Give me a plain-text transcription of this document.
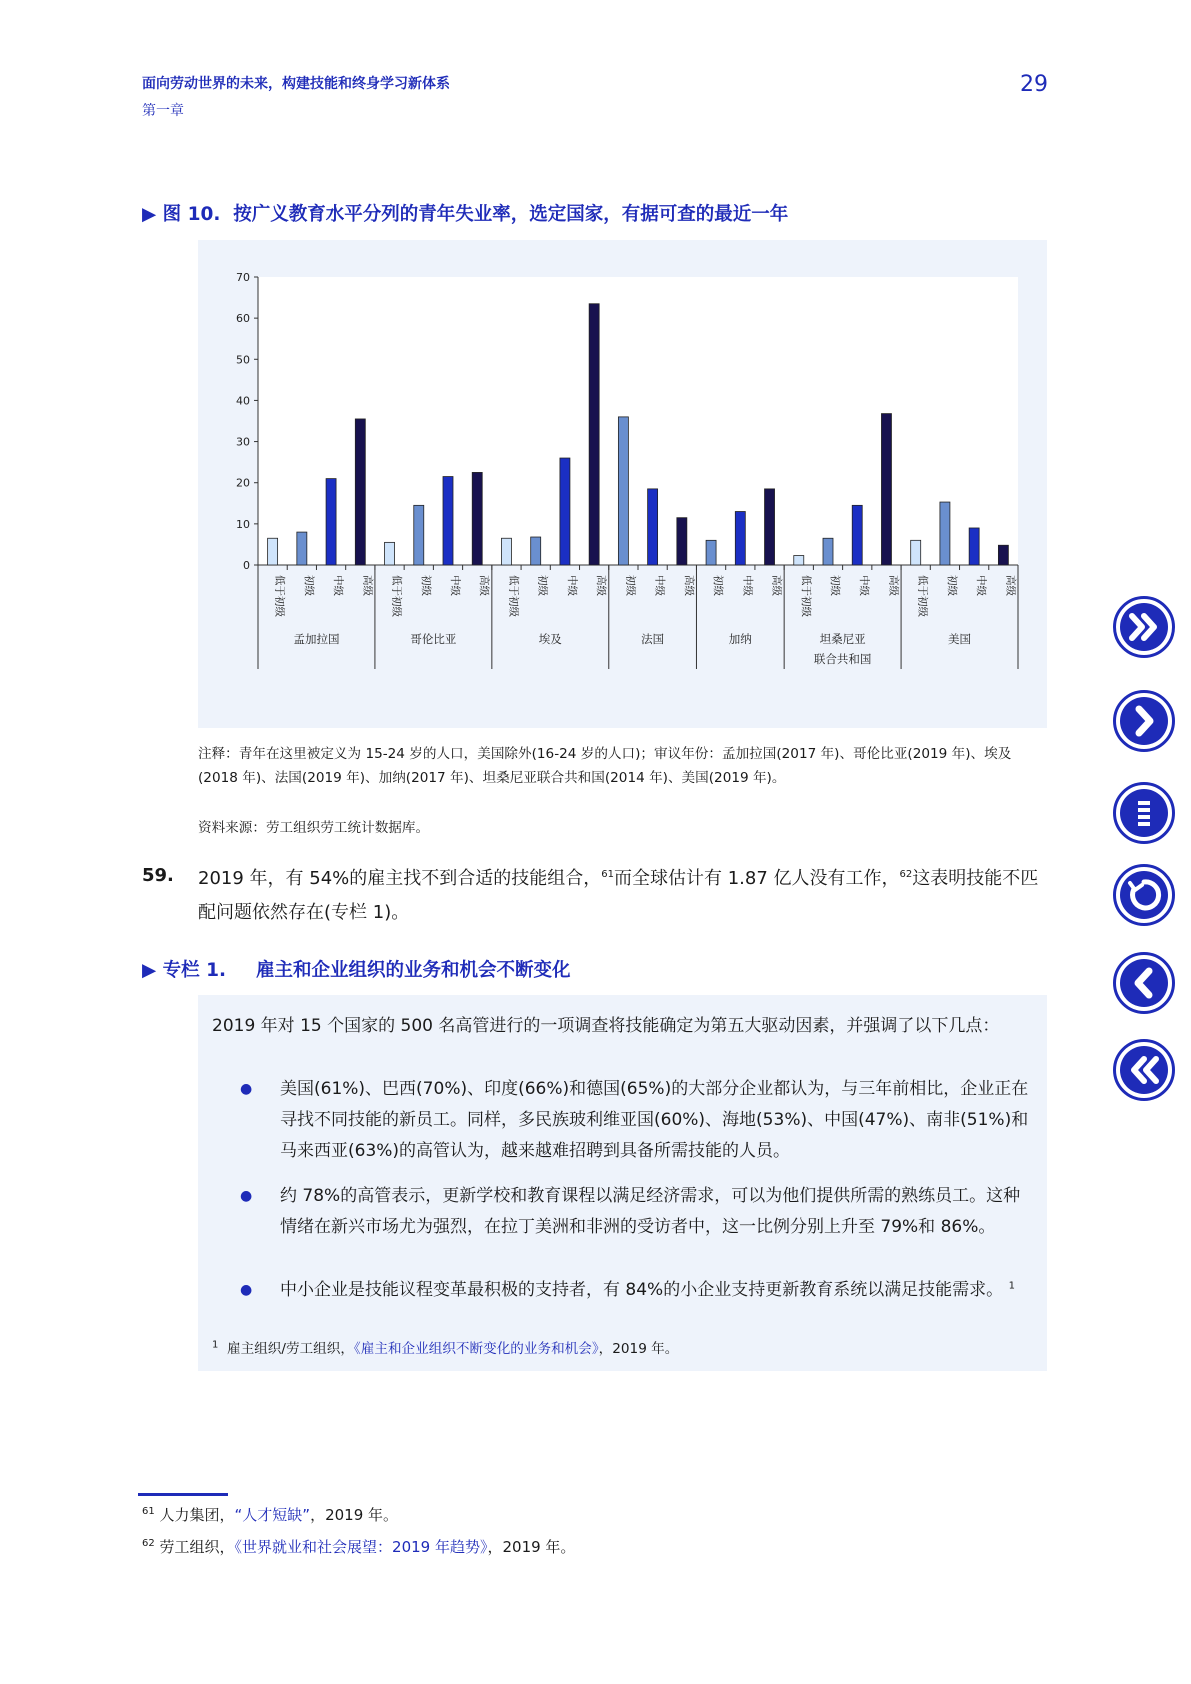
面向劳动世界的未来，构建技能和终身学习新体系
第一章
29
▶ 图 10. 按广义教育水平分列的青年失业率，选定国家，有据可查的最近一年
0
10
20
30
40
50
60
70
低于初级 初级 中级 高级
孟加拉国
低于初级 初级 中级 高级
哥伦比亚
低于初级 初级 中级 高级
埃及
初级 中级 高级
法国
初级 中级 高级
加纳
低于初级 初级 中级 高级
坦桑尼亚
联合共和国
低于初级 初级 中级 高级
美国
注释：青年在这里被定义为 15-24 岁的人口，美国除外(16-24 岁的人口)；审议年份：孟加拉国(2017 年)、哥伦比亚(2019 年)、埃及(2018 年)、法国(2019 年)、加纳(2017 年)、坦桑尼亚联合共和国(2014 年)、美国(2019 年)。
资料来源：劳工组织劳工统计数据库。
59. 2019 年，有 54%的雇主找不到合适的技能组合，$^{61}$而全球估计有 1.87 亿人没有工作，$^{62}$这表明技能不匹配问题依然存在(专栏 1)。
▶ 专栏 1. 雇主和企业组织的业务和机会不断变化
2019 年对 15 个国家的 500 名高管进行的一项调查将技能确定为第五大驱动因素，并强调了以下几点：
● 美国(61%)、巴西(70%)、印度(66%)和德国(65%)的大部分企业都认为，与三年前相比，企业正在寻找不同技能的新员工。同样，多民族玻利维亚国(60%)、海地(53%)、中国(47%)、南非(51%)和马来西亚(63%)的高管认为，越来越难招聘到具备所需技能的人员。
● 约 78%的高管表示，更新学校和教育课程以满足经济需求，可以为他们提供所需的熟练员工。这种情绪在新兴市场尤为强烈，在拉丁美洲和非洲的受访者中，这一比例分别上升至 79%和 86%。
● 中小企业是技能议程变革最积极的支持者，有 84%的小企业支持更新教育系统以满足技能需求。 $^1$
$^1$ 雇主组织/劳工组织，《雇主和企业组织不断变化的业务和机会》，2019 年。
$^{61}$ 人力集团，“人才短缺”，2019 年。
$^{62}$ 劳工组织，《世界就业和社会展望：2019 年趋势》，2019 年。
